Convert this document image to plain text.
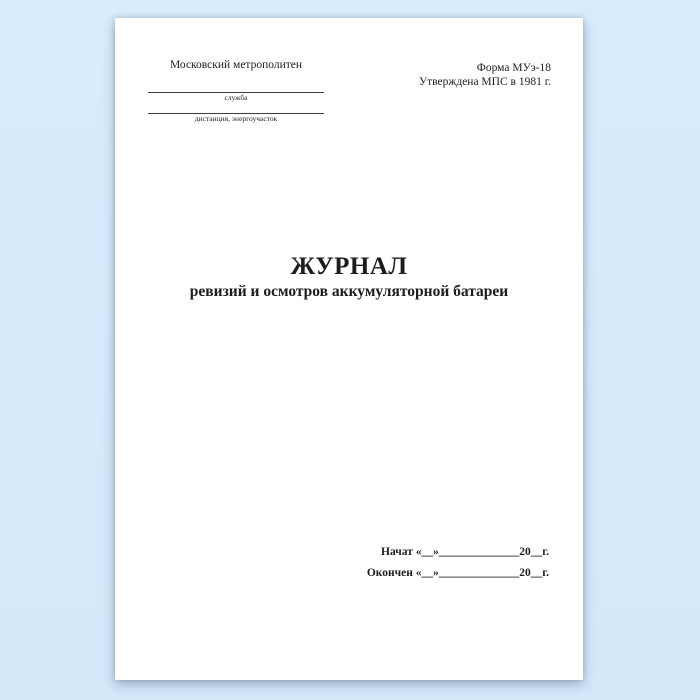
Московский метрополитен
служба
дистанция, энергоучасток
Форма МУэ-18
Утверждена МПС в 1981 г.
ЖУРНАЛ
ревизий и осмотров аккумуляторной батареи
Начат «__»______________20__г.
Окончен «__»______________20__г.
